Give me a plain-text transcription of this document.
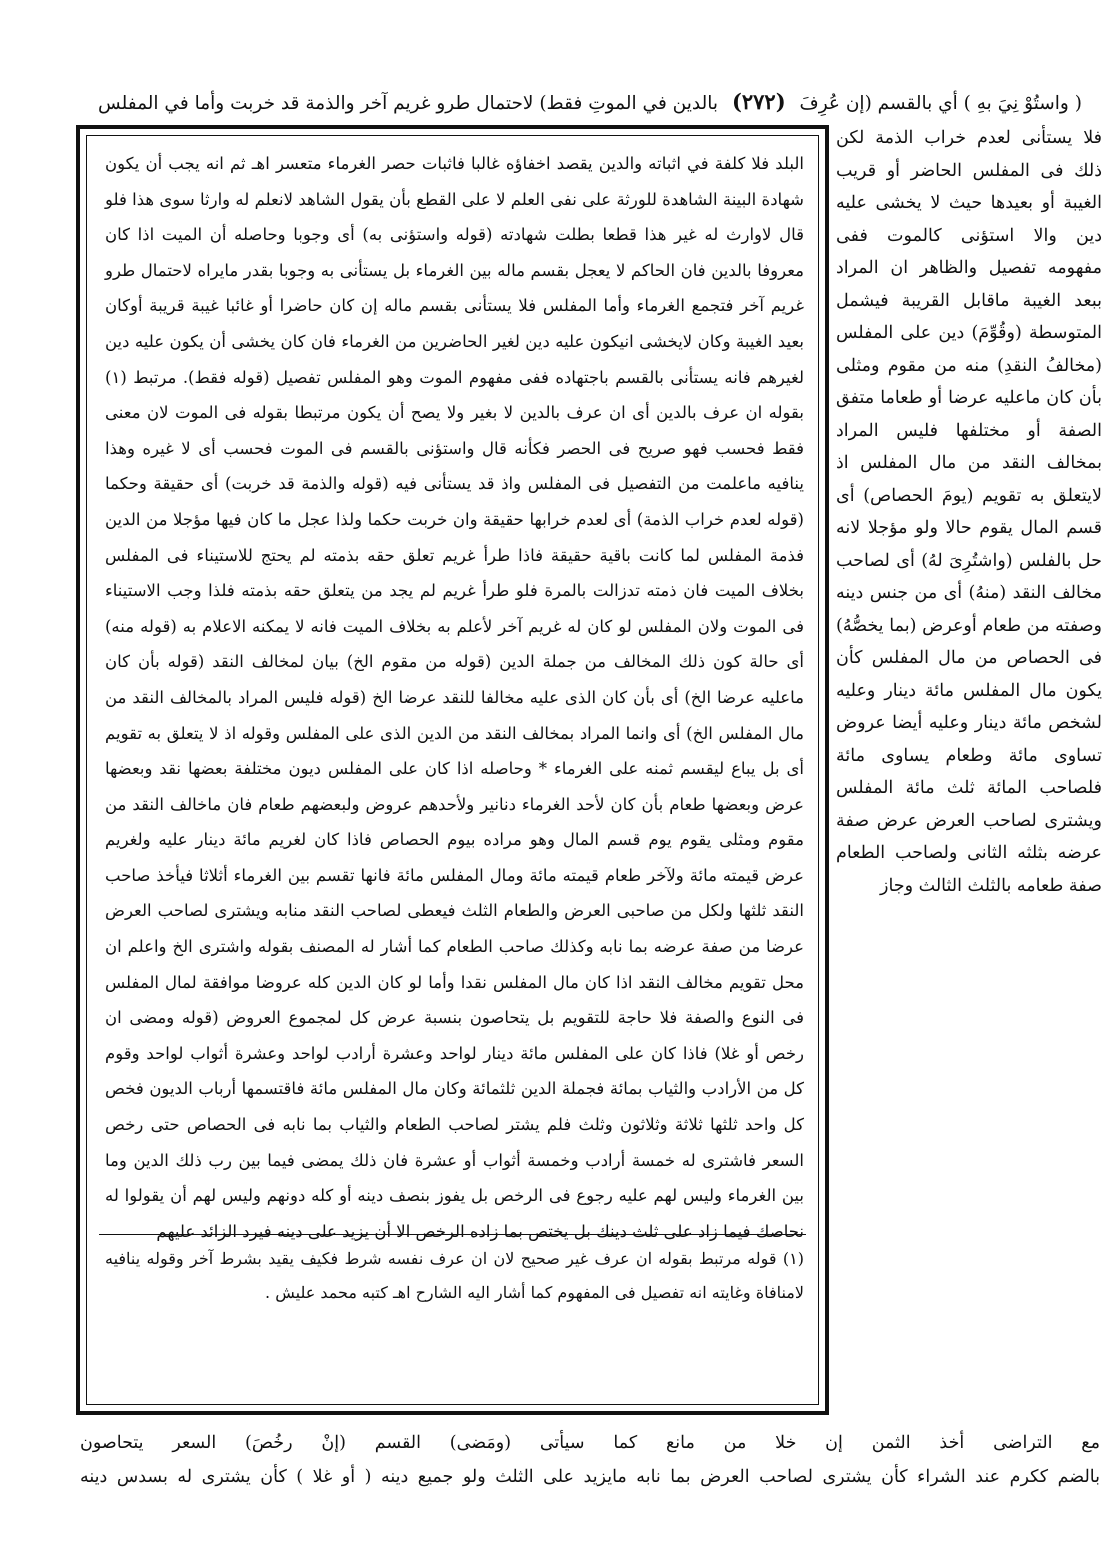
( واستُوْ نِيَ بهِ ) أي بالقسم (إن عُرِفَ (۲۷۲) بالدين في الموتِ فقط) لاحتمال طرو غريم آخر والذمة قد خربت وأما في المفلس
البلد فلا كلفة في اثباته والدين يقصد اخفاؤه غالبا فاثبات حصر الغرماء متعسر اهـ ثم انه يجب أن يكون شهادة البينة الشاهدة للورثة على نفى العلم لا على القطع بأن يقول الشاهد لانعلم له وارثا سوى هذا فلو قال لاوارث له غير هذا قطعا بطلت شهادته (قوله واستؤنى به) أى وجوبا وحاصله أن الميت اذا كان معروفا بالدين فان الحاكم لا يعجل بقسم ماله بين الغرماء بل يستأنى به وجوبا بقدر مايراه لاحتمال طرو غريم آخر فتجمع الغرماء وأما المفلس فلا يستأنى بقسم ماله إن كان حاضرا أو غائبا غيبة قريبة أوكان بعيد الغيبة وكان لايخشى انيكون عليه دين لغير الحاضرين من الغرماء فان كان يخشى أن يكون عليه دين لغيرهم فانه يستأنى بالقسم باجتهاده ففى مفهوم الموت وهو المفلس تفصيل (قوله فقط). مرتبط (١) بقوله ان عرف بالدين أى ان عرف بالدين لا بغير ولا يصح أن يكون مرتبطا بقوله فى الموت لان معنى فقط فحسب فهو صريح فى الحصر فكأنه قال واستؤنى بالقسم فى الموت فحسب أى لا غيره وهذا ينافيه ماعلمت من التفصيل فى المفلس واذ قد يستأنى فيه (قوله والذمة قد خربت) أى حقيقة وحكما (قوله لعدم خراب الذمة) أى لعدم خرابها حقيقة وان خربت حكما ولذا عجل ما كان فيها مؤجلا من الدين فذمة المفلس لما كانت باقية حقيقة فاذا طرأ غريم تعلق حقه بذمته لم يحتج للاستيناء فى المفلس بخلاف الميت فان ذمته تدزالت بالمرة فلو طرأ غريم لم يجد من يتعلق حقه بذمته فلذا وجب الاستيناء فى الموت ولان المفلس لو كان له غريم آخر لأعلم به بخلاف الميت فانه لا يمكنه الاعلام به (قوله منه) أى حالة كون ذلك المخالف من جملة الدين (قوله من مقوم الخ) بيان لمخالف النقد (قوله بأن كان ماعليه عرضا الخ) أى بأن كان الذى عليه مخالفا للنقد عرضا الخ (قوله فليس المراد بالمخالف النقد من مال المفلس الخ) أى وانما المراد بمخالف النقد من الدين الذى على المفلس وقوله اذ لا يتعلق به تقويم أى بل يباع ليقسم ثمنه على الغرماء * وحاصله اذا كان على المفلس ديون مختلفة بعضها نقد وبعضها عرض وبعضها طعام بأن كان لأحد الغرماء دنانير ولأحدهم عروض ولبعضهم طعام فان ماخالف النقد من مقوم ومثلى يقوم يوم قسم المال وهو مراده بيوم الحصاص فاذا كان لغريم مائة دينار عليه ولغريم عرض قيمته مائة ولآخر طعام قيمته مائة ومال المفلس مائة فانها تقسم بين الغرماء أثلاثا فيأخذ صاحب النقد ثلثها ولكل من صاحبى العرض والطعام الثلث فيعطى لصاحب النقد منابه ويشترى لصاحب العرض عرضا من صفة عرضه بما نابه وكذلك صاحب الطعام كما أشار له المصنف بقوله واشترى الخ واعلم ان محل تقويم مخالف النقد اذا كان مال المفلس نقدا وأما لو كان الدين كله عروضا موافقة لمال المفلس فى النوع والصفة فلا حاجة للتقويم بل يتحاصون بنسبة عرض كل لمجموع العروض (قوله ومضى ان رخص أو غلا) فاذا كان على المفلس مائة دينار لواحد وعشرة أرادب لواحد وعشرة أثواب لواحد وقوم كل من الأرادب والثياب بمائة فجملة الدين ثلثمائة وكان مال المفلس مائة فاقتسمها أرباب الديون فخص كل واحد ثلثها ثلاثة وثلاثون وثلث فلم يشتر لصاحب الطعام والثياب بما نابه فى الحصاص حتى رخص السعر فاشترى له خمسة أرادب وخمسة أثواب أو عشرة فان ذلك يمضى فيما بين رب ذلك الدين وما بين الغرماء وليس لهم عليه رجوع فى الرخص بل يفوز بنصف دينه أو كله دونهم وليس لهم أن يقولوا له نحاصك فيما زاد على ثلث دينك بل يختص بما زاده الرخص الا أن يزيد على دينه فيرد الزائد عليهم
(١) قوله مرتبط بقوله ان عرف غير صحيح لان ان عرف نفسه شرط فكيف يقيد بشرط آخر وقوله ينافيه لامنافاة وغايته انه تفصيل فى المفهوم كما أشار اليه الشارح اهـ كتبه محمد عليش .
فلا يستأنى لعدم خراب الذمة لكن ذلك فى المفلس الحاضر أو قريب الغيبة أو بعيدها حيث لا يخشى عليه دين والا استؤنى كالموت ففى مفهومه تفصيل والظاهر ان المراد ببعد الغيبة ماقابل القريبة فيشمل المتوسطة (وقُوِّمَ) دين على المفلس (مخالفُ النقدِ) منه من مقوم ومثلى بأن كان ماعليه عرضا أو طعاما متفق الصفة أو مختلفها فليس المراد بمخالف النقد من مال المفلس اذ لايتعلق به تقويم (يومَ الحصاص) أى قسم المال يقوم حالا ولو مؤجلا لانه حل بالفلس (واشتُرِىَ لهُ) أى لصاحب مخالف النقد (منهُ) أى من جنس دينه وصفته من طعام أوعرض (بما يخصُّهُ) فى الحصاص من مال المفلس كأن يكون مال المفلس مائة دينار وعليه لشخص مائة دينار وعليه أيضا عروض تساوى مائة وطعام يساوى مائة فلصاحب المائة ثلث مائة المفلس ويشترى لصاحب العرض عرض صفة عرضه بثلثه الثانى ولصاحب الطعام صفة طعامه بالثلث الثالث وجاز
مع التراضى أخذ الثمن إن خلا من مانع كما سيأتى (ومَضى) القسم (إنْ رخُصَ) السعر يتحاصون
بالضم ككرم عند الشراء كأن يشترى لصاحب العرض بما نابه مايزيد على الثلث ولو جميع دينه ( أو غلا ) كأن يشترى له بسدس دينه
